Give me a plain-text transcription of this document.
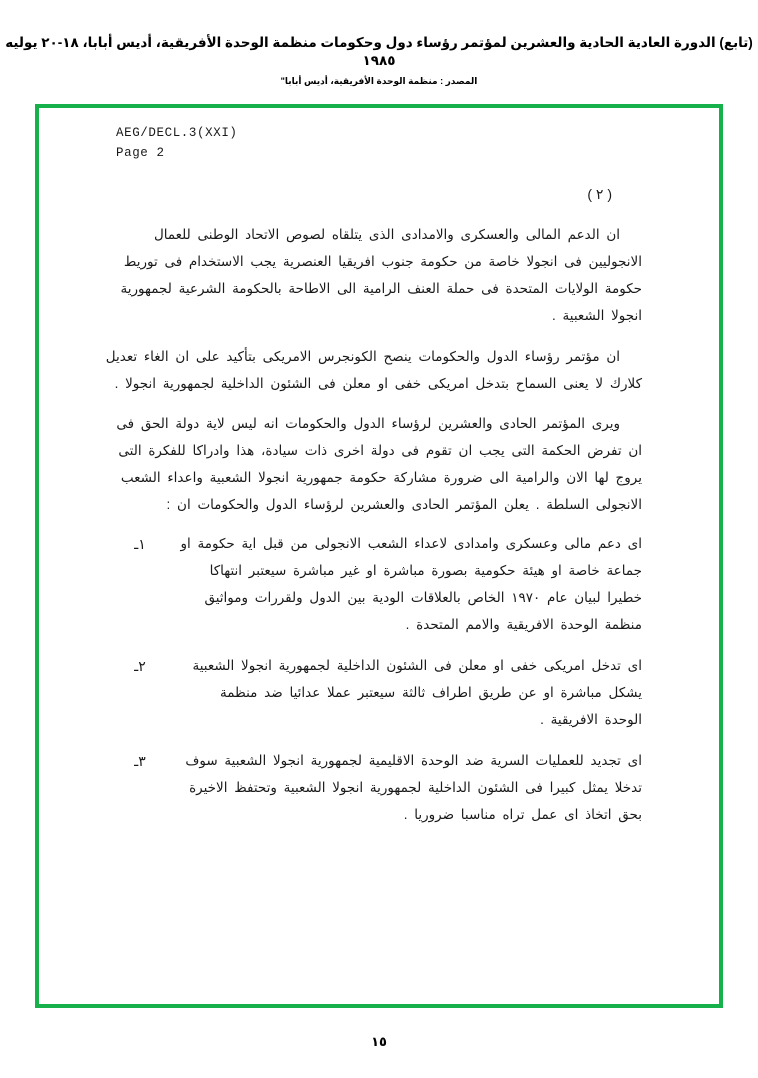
(تابع) الدورة العادية الحادية والعشرين لمؤتمر رؤساء دول وحكومات منظمة الوحدة الأفريقية، أديس أبابا، ١٨-٢٠ يوليه ١٩٨٥
المصدر : منظمة الوحدة الأفريقية، أديس أبابا"
AEG/DECL.3(XXI)
Page 2
( ٢ )

ان الدعم المالى والعسكرى والامدادى الذى يتلقاه لصوص الاتحاد الوطنى للعمال الانجوليين فى انجولا خاصة من حكومة جنوب افريقيا العنصرية يجب الاستخدام فى توريط حكومة الولايات المتحدة فى حملة العنف الرامية الى الاطاحة بالحكومة الشرعية لجمهورية انجولا الشعبية .

ان مؤتمر رؤساء الدول والحكومات ينصح الكونجرس الامريكى بتأكيد على ان الغاء تعديل كلارك لا يعنى السماح بتدخل امريكى خفى او معلن فى الشئون الداخلية لجمهورية انجولا .

ويرى المؤتمر الحادى والعشرين لرؤساء الدول والحكومات انه ليس لاية دولة الحق فى ان تفرض الحكمة التى يجب ان تقوم فى دولة اخرى ذات سيادة، هذا وادراكا للفكرة التى يروج لها الان والرامية الى ضرورة مشاركة حكومة جمهورية انجولا الشعبية واعداء الشعب الانجولى السلطة . يعلن المؤتمر الحادى والعشرين لرؤساء الدول والحكومات ان :

اى دعم مالى وعسكرى وامدادى لاعداء الشعب الانجولى من قبل اية حكومة او جماعة خاصة او هيئة حكومية بصورة مباشرة او غير مباشرة سيعتبر انتهاكا خطيرا لبيان عام ١٩٧٠ الخاص بالعلاقات الودية بين الدول ولقررات ومواثيق منظمة الوحدة الافريقية والامم المتحدة .
١ـ
اى تدخل امريكى خفى او معلن فى الشئون الداخلية لجمهورية انجولا الشعبية يشكل مباشرة او عن طريق اطراف ثالثة سيعتبر عملا عدائيا ضد منظمة الوحدة الافريقية .
٢ـ
اى تجديد للعمليات السرية ضد الوحدة الاقليمية لجمهورية انجولا الشعبية سوف تدخلا يمثل كبيرا فى الشئون الداخلية لجمهورية انجولا الشعبية وتحتفظ الاخيرة بحق اتخاذ اى عمل تراه مناسبا ضروريا .
٣ـ
١٥
